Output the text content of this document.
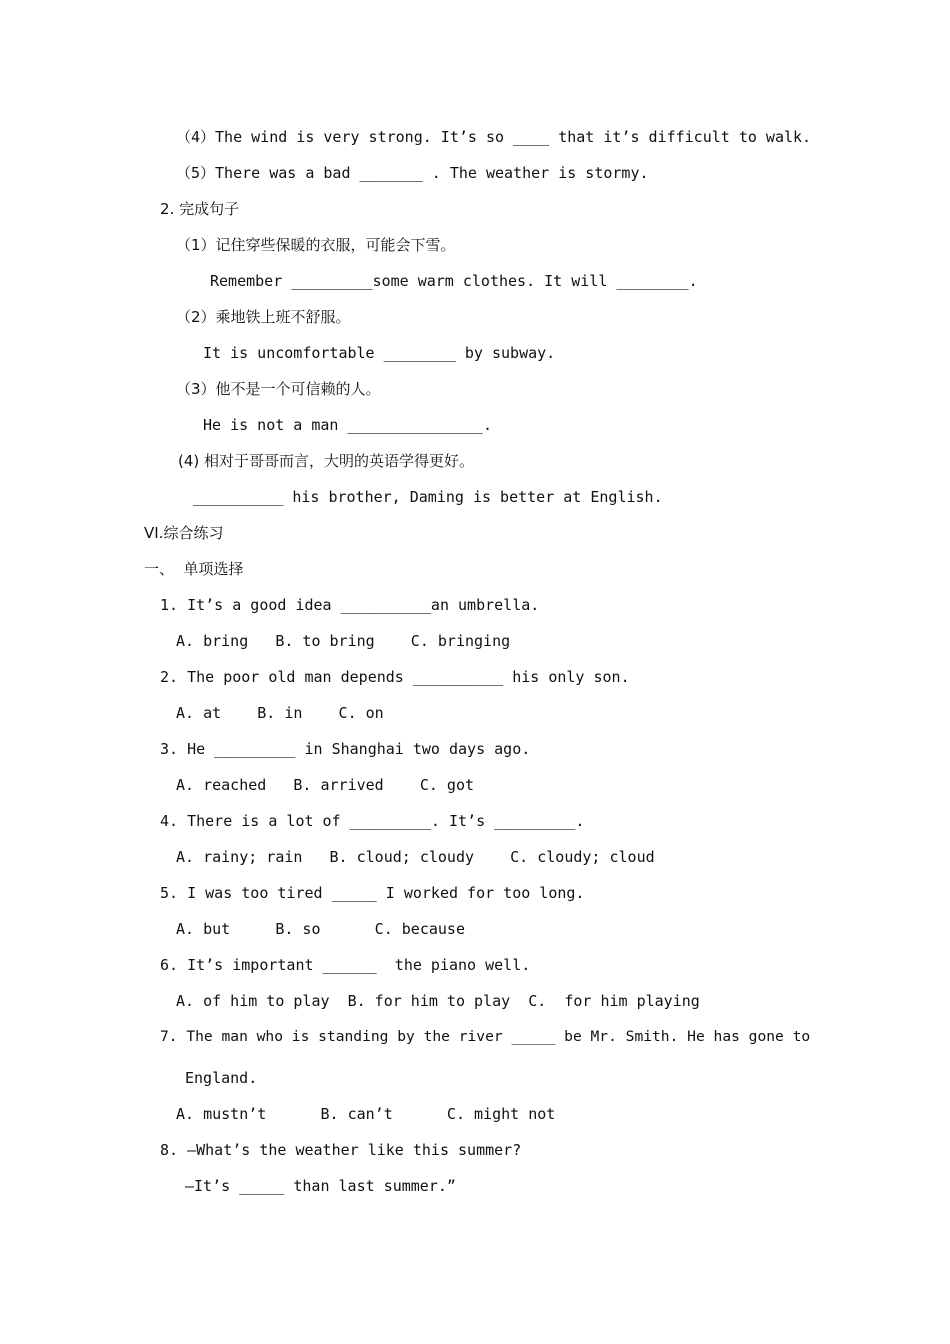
（4）The wind is very strong. It’s so ____ that it’s difficult to walk.
（5）There was a bad _______ . The weather is stormy.
2. 完成句子
（1）记住穿些保暖的衣服，可能会下雪。
Remember _________some warm clothes. It will ________.
（2）乘地铁上班不舒服。
It is uncomfortable ________ by subway.
（3）他不是一个可信赖的人。
He is not a man _______________.
(4) 相对于哥哥而言，大明的英语学得更好。
__________ his brother, Daming is better at English.
VI.综合练习
一、  单项选择
1. It’s a good idea __________an umbrella.
A. bring   B. to bring    C. bringing
2. The poor old man depends __________ his only son.
A. at    B. in    C. on
3. He _________ in Shanghai two days ago.
A. reached   B. arrived    C. got
4. There is a lot of _________. It’s _________.
A. rainy; rain   B. cloud; cloudy    C. cloudy; cloud
5. I was too tired _____ I worked for too long.
A. but     B. so      C. because
6. It’s important ______  the piano well.
A. of him to play  B. for him to play  C.  for him playing
7. The man who is standing by the river _____ be Mr. Smith. He has gone to
England.
A. mustn’t      B. can’t      C. might not
8. —What’s the weather like this summer?
—It’s _____ than last summer.”
